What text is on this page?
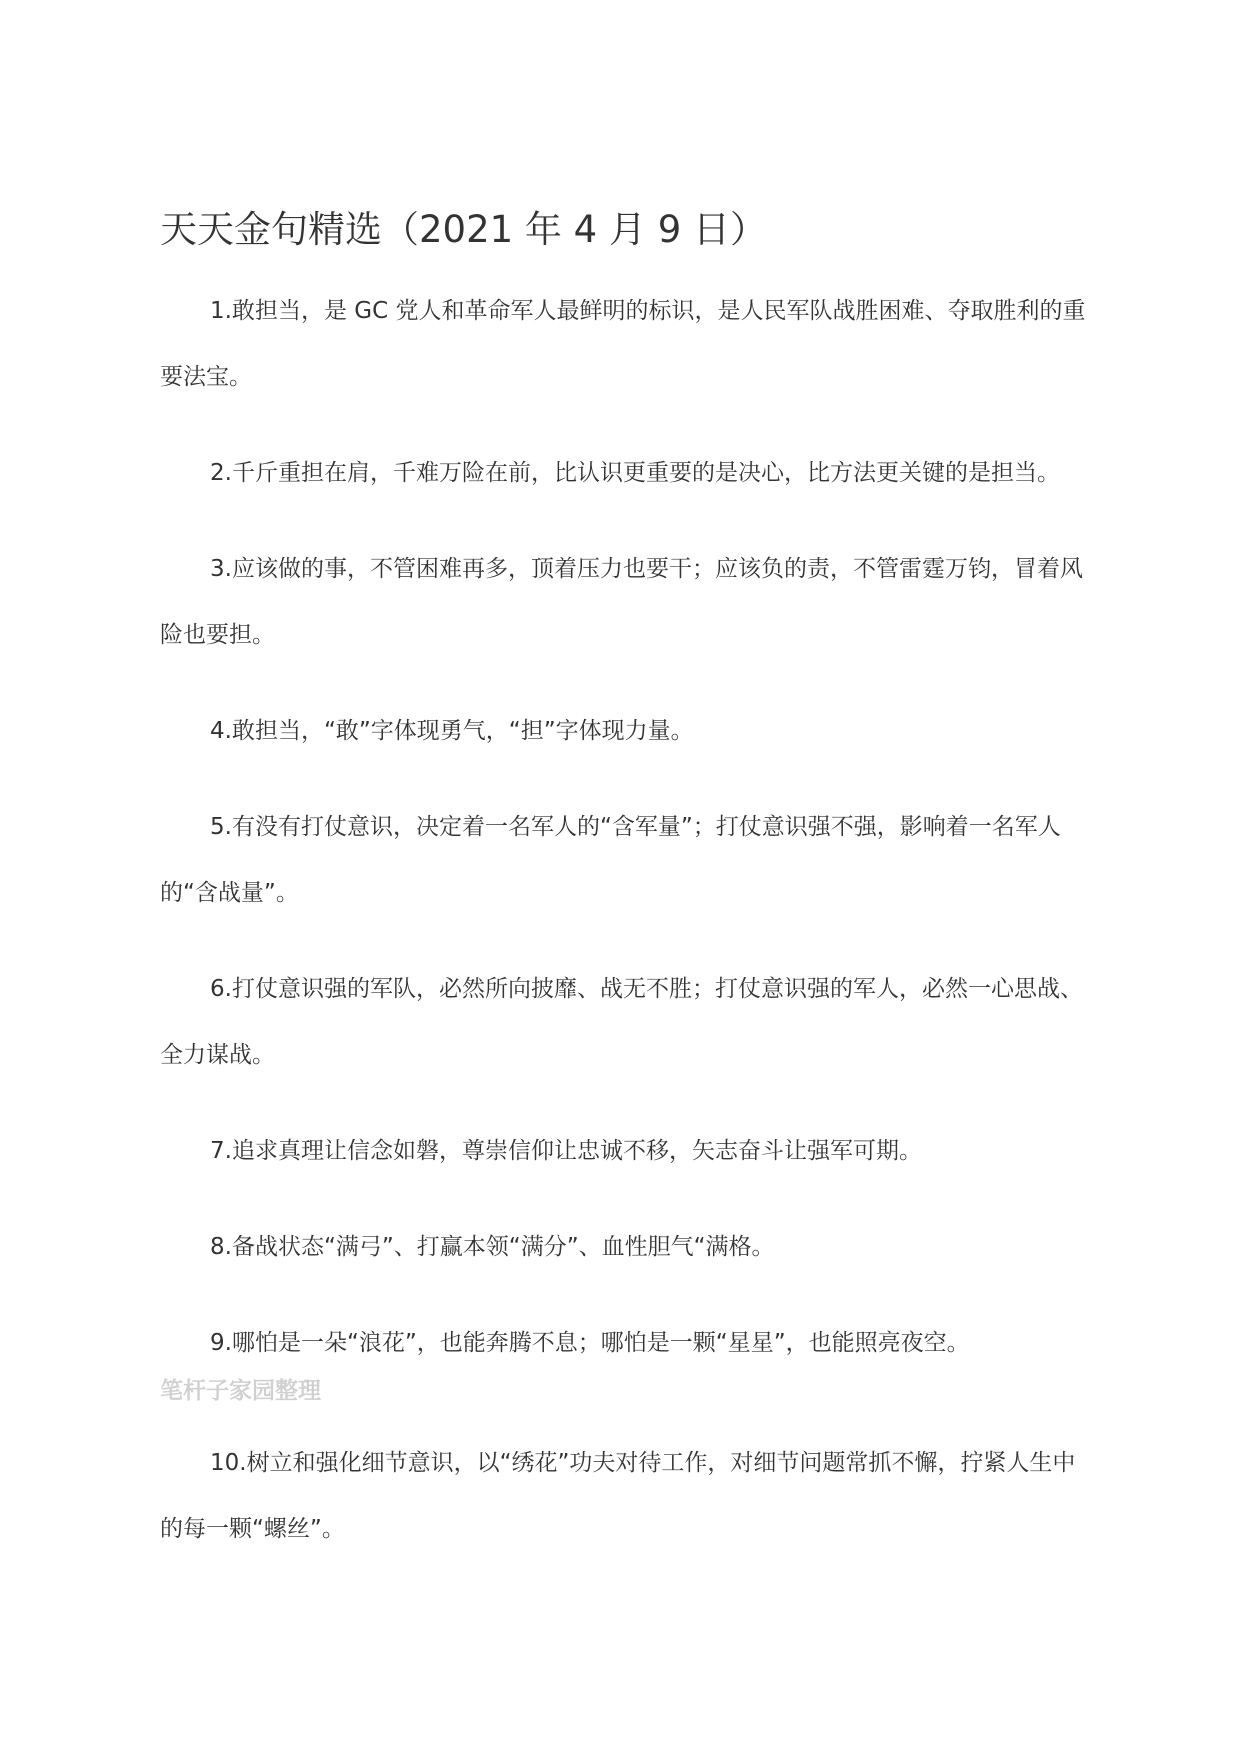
天天金句精选（2021 年 4 月 9 日）

1.敢担当，是 GC 党人和革命军人最鲜明的标识，是人民军队战胜困难、夺取胜利的重要法宝。

2.千斤重担在肩，千难万险在前，比认识更重要的是决心，比方法更关键的是担当。

3.应该做的事，不管困难再多，顶着压力也要干；应该负的责，不管雷霆万钧，冒着风险也要担。

4.敢担当，“敢”字体现勇气，“担”字体现力量。

5.有没有打仗意识，决定着一名军人的“含军量”；打仗意识强不强，影响着一名军人的“含战量”。

6.打仗意识强的军队，必然所向披靡、战无不胜；打仗意识强的军人，必然一心思战、全力谋战。

7.追求真理让信念如磐，尊崇信仰让忠诚不移，矢志奋斗让强军可期。

8.备战状态“满弓”、打赢本领“满分”、血性胆气“满格。

9.哪怕是一朵“浪花”，也能奔腾不息；哪怕是一颗“星星”，也能照亮夜空。

笔杆子家园整理

10.树立和强化细节意识，以“绣花”功夫对待工作，对细节问题常抓不懈，拧紧人生中的每一颗“螺丝”。
